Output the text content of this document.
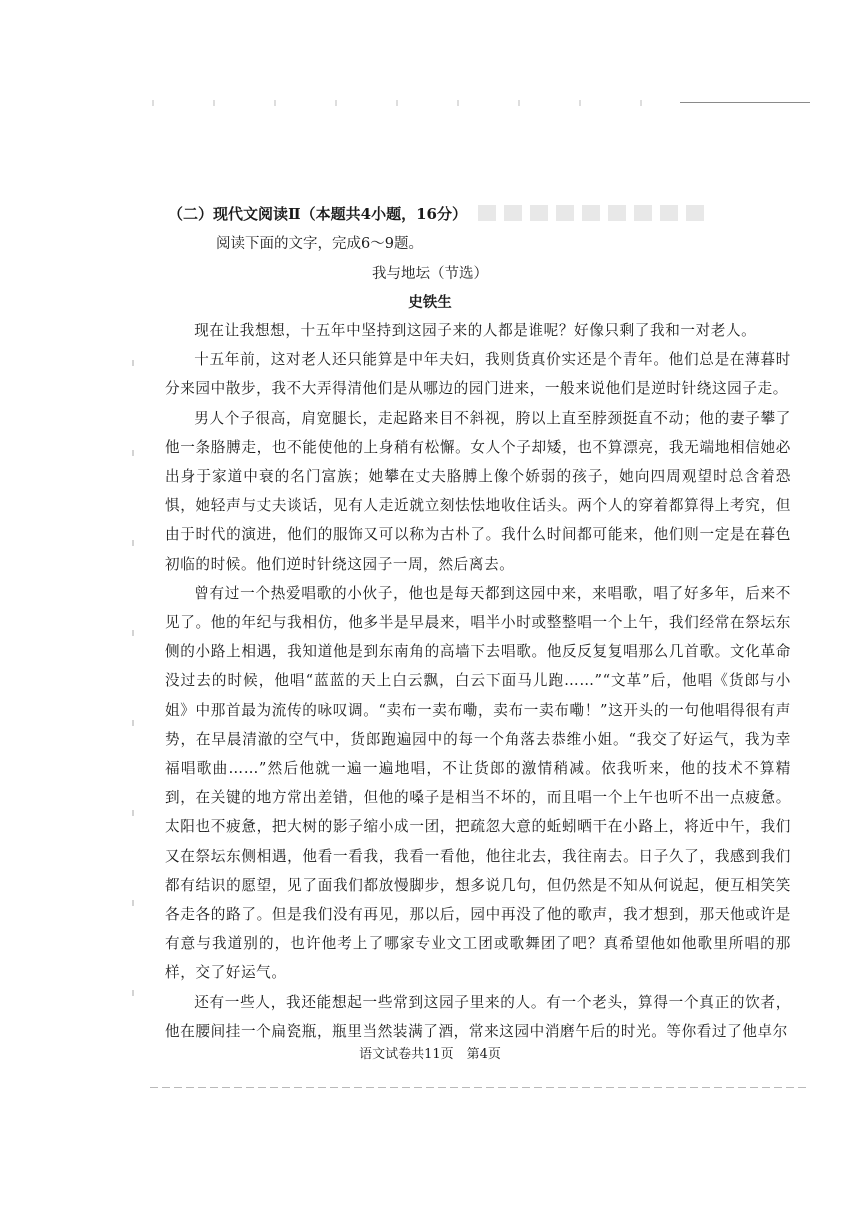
（二）现代文阅读Ⅱ（本题共4小题，16分）

阅读下面的文字，完成6～9题。

我与地坛（节选）

史铁生

现在让我想想，十五年中坚持到这园子来的人都是谁呢？好像只剩了我和一对老人。

十五年前，这对老人还只能算是中年夫妇，我则货真价实还是个青年。他们总是在薄暮时分来园中散步，我不大弄得清他们是从哪边的园门进来，一般来说他们是逆时针绕这园子走。

男人个子很高，肩宽腿长，走起路来目不斜视，胯以上直至脖颈挺直不动；他的妻子攀了他一条胳膊走，也不能使他的上身稍有松懈。女人个子却矮，也不算漂亮，我无端地相信她必出身于家道中衰的名门富族；她攀在丈夫胳膊上像个娇弱的孩子，她向四周观望时总含着恐惧，她轻声与丈夫谈话，见有人走近就立刻怯怯地收住话头。两个人的穿着都算得上考究，但由于时代的演进，他们的服饰又可以称为古朴了。我什么时间都可能来，他们则一定是在暮色初临的时候。他们逆时针绕这园子一周，然后离去。

曾有过一个热爱唱歌的小伙子，他也是每天都到这园中来，来唱歌，唱了好多年，后来不见了。他的年纪与我相仿，他多半是早晨来，唱半小时或整整唱一个上午，我们经常在祭坛东侧的小路上相遇，我知道他是到东南角的高墙下去唱歌。他反反复复唱那么几首歌。文化革命没过去的时候，他唱“蓝蓝的天上白云飘，白云下面马儿跑……”“文革”后，他唱《货郎与小姐》中那首最为流传的咏叹调。“卖布一卖布嘞，卖布一卖布嘞！”这开头的一句他唱得很有声势，在早晨清澈的空气中，货郎跑遍园中的每一个角落去恭维小姐。“我交了好运气，我为幸福唱歌曲……”然后他就一遍一遍地唱，不让货郎的激情稍减。依我听来，他的技术不算精到，在关键的地方常出差错，但他的嗓子是相当不坏的，而且唱一个上午也听不出一点疲惫。太阳也不疲惫，把大树的影子缩小成一团，把疏忽大意的蚯蚓晒干在小路上，将近中午，我们又在祭坛东侧相遇，他看一看我，我看一看他，他往北去，我往南去。日子久了，我感到我们都有结识的愿望，见了面我们都放慢脚步，想多说几句，但仍然是不知从何说起，便互相笑笑各走各的路了。但是我们没有再见，那以后，园中再没了他的歌声，我才想到，那天他或许是有意与我道别的，也许他考上了哪家专业文工团或歌舞团了吧？真希望他如他歌里所唱的那样，交了好运气。

还有一些人，我还能想起一些常到这园子里来的人。有一个老头，算得一个真正的饮者，他在腰间挂一个扁瓷瓶，瓶里当然装满了酒，常来这园中消磨午后的时光。等你看过了他卓尔

语文试卷共11页　第4页
